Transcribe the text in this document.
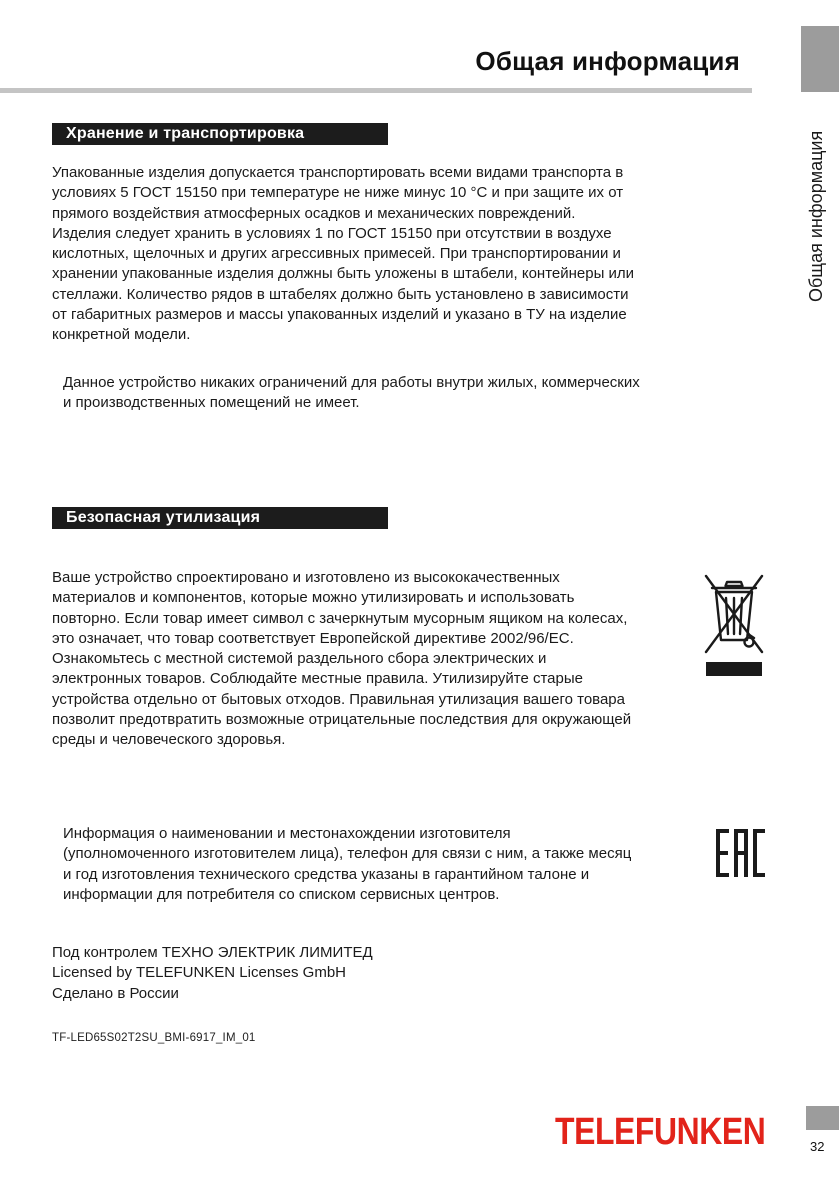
Общая информация
Общая информация
Хранение и транспортировка
Упакованные изделия допускается транспортировать всеми видами транспорта в
условиях 5 ГОСТ 15150 при температуре не ниже минус 10 °С и при защите их от
прямого воздействия атмосферных осадков и механических повреждений.
Изделия следует хранить в условиях 1 по ГОСТ 15150 при отсутствии в воздухе
кислотных, щелочных и других агрессивных примесей. При транспортировании и
хранении упакованные изделия должны быть уложены в штабели, контейнеры или
стеллажи. Количество рядов в штабелях должно быть установлено в зависимости
от габаритных размеров и массы упакованных изделий и указано в ТУ на изделие
конкретной модели.
Данное устройство никаких ограничений для работы внутри жилых, коммерческих
и производственных помещений не имеет.
Безопасная утилизация
Ваше устройство спроектировано и изготовлено из высококачественных
материалов и компонентов, которые можно утилизировать и использовать
повторно. Если товар имеет символ с зачеркнутым мусорным ящиком на колесах,
это означает, что товар соответствует Европейской директиве 2002/96/EC.
Ознакомьтесь с местной системой раздельного сбора электрических и
электронных товаров. Соблюдайте местные правила. Утилизируйте старые
устройства отдельно от бытовых отходов. Правильная утилизация вашего товара
позволит предотвратить возможные отрицательные последствия для окружающей
среды и человеческого здоровья.
Информация о наименовании и местонахождении изготовителя
(уполномоченного изготовителем лица), телефон для связи с ним, а также месяц
и год изготовления технического средства указаны в гарантийном талоне и
информации для потребителя со списком сервисных центров.
Под контролем ТЕХНО ЭЛЕКТРИК ЛИМИТЕД
Licensed by TELEFUNKEN Licenses GmbH
Сделано в России
TF-LED65S02T2SU_BMI-6917_IM_01
TELEFUNKEN	32
